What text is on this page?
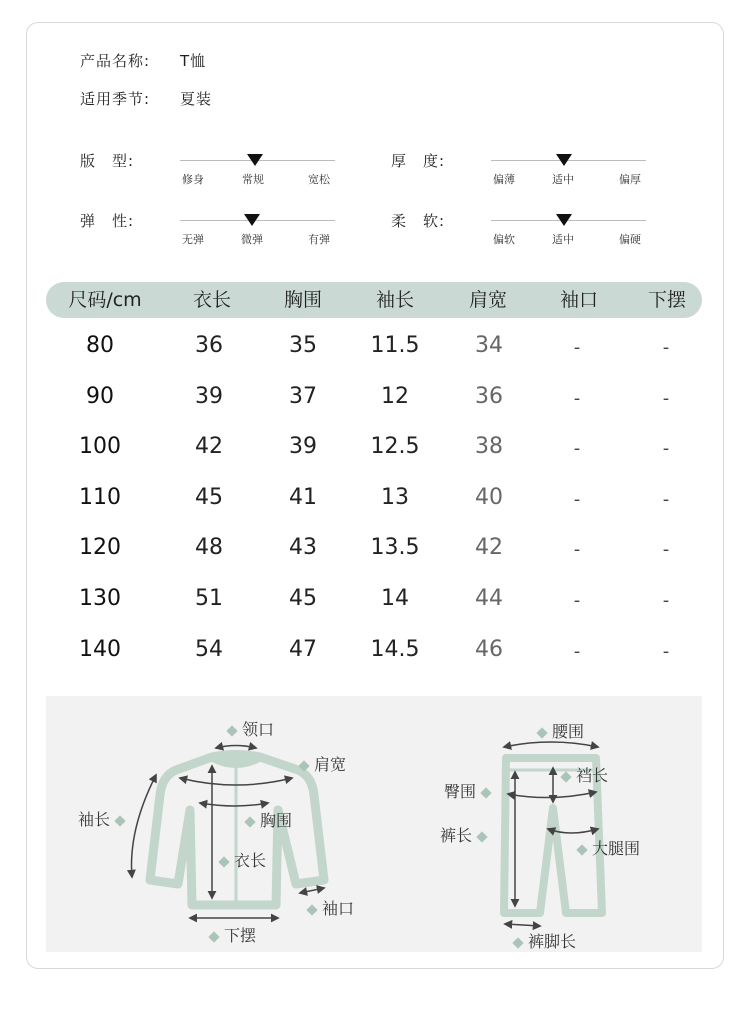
产品名称: T恤
适用季节: 夏装
版　型:
修身	常规	宽松
厚　度:
偏薄	适中	偏厚
弹　性:
无弹	微弹	有弹
柔　软:
偏软	适中	偏硬
尺码/cm	衣长	胸围	袖长	肩宽	袖口	下摆
80	36	35	11.5	34	-	-
90	39	37	12	36	-	-
100	42	39	12.5	38	-	-
110	45	41	13	40	-	-
120	48	43	13.5	42	-	-
130	51	45	14	44	-	-
140	54	47	14.5	46	-	-
领口
肩宽
袖长	胸围
衣长
袖口
下摆
腰围
裆长
臀围
裤长
大腿围
裤脚长
